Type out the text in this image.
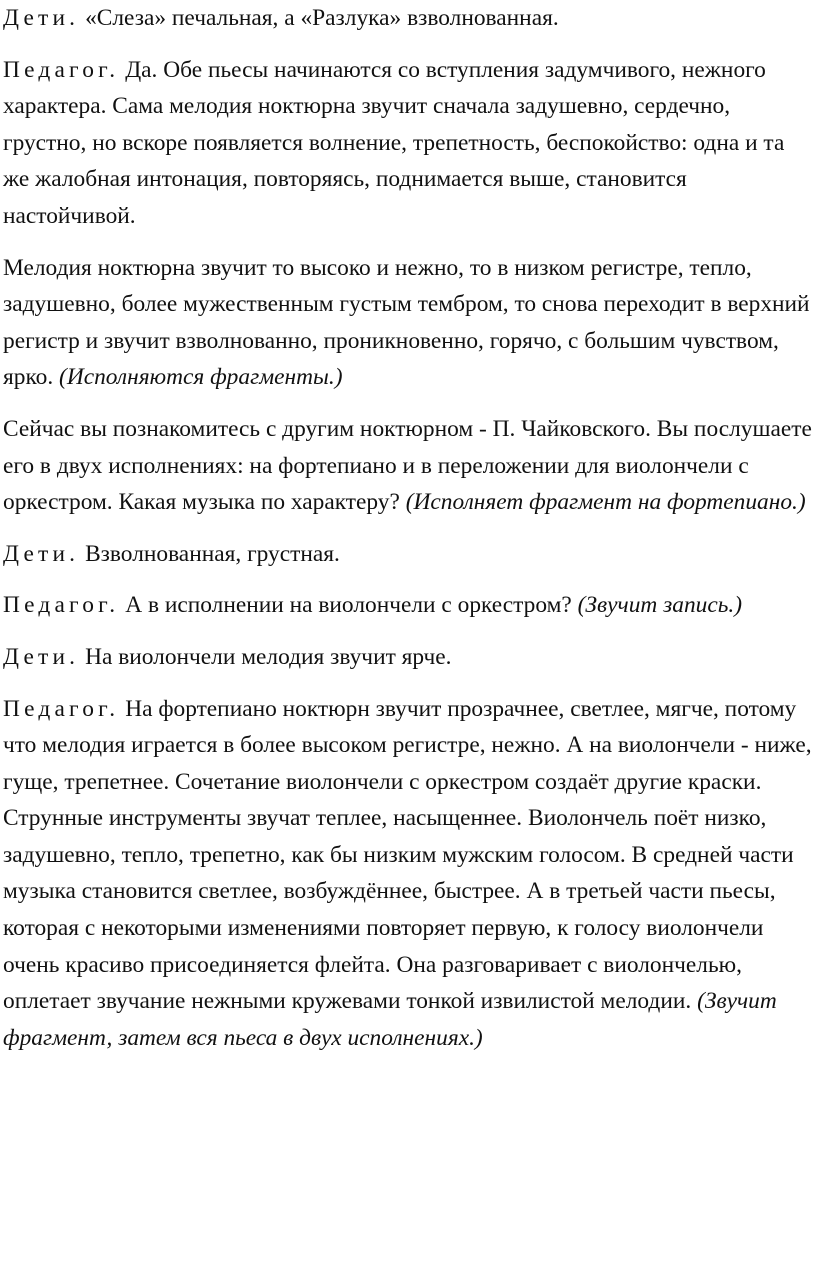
Дети. «Слеза» печальная, а «Разлука» взволнованная.

Педагог. Да. Обе пьесы начинаются со вступления задумчивого, нежного характера. Сама мелодия ноктюрна звучит сначала задушевно, сердечно, грустно, но вскоре появляется волнение, трепетность, беспокойство: одна и та же жалобная интонация, повторяясь, поднимается выше, становится настойчивой.

Мелодия ноктюрна звучит то высоко и нежно, то в низком регистре, тепло, задушевно, более мужественным густым тембром, то снова переходит в верхний регистр и звучит взволнованно, проникновенно, горячо, с большим чувством, ярко. (Исполняются фрагменты.)

Сейчас вы познакомитесь с другим ноктюрном - П. Чайковского. Вы послушаете его в двух исполнениях: на фортепиано и в переложении для виолончели с оркестром. Какая музыка по характеру? (Исполняет фрагмент на фортепиано.)

Дети. Взволнованная, грустная.

Педагог. А в исполнении на виолончели с оркестром? (Звучит запись.)

Дети. На виолончели мелодия звучит ярче.

Педагог. На фортепиано ноктюрн звучит прозрачнее, светлее, мягче, потому что мелодия играется в более высоком регистре, нежно. А на виолончели - ниже, гуще, трепетнее. Сочетание виолончели с оркестром создаёт другие краски. Струнные инструменты звучат теплее, насыщеннее. Виолончель поёт низко, задушевно, тепло, трепетно, как бы низким мужским голосом. В средней части музыка становится светлее, возбуждённее, быстрее. А в третьей части пьесы, которая с некоторыми изменениями повторяет первую, к голосу виолончели очень красиво присоединяется флейта. Она разговаривает с виолончелью, оплетает звучание нежными кружевами тонкой извилистой мелодии. (Звучит фрагмент, затем вся пьеса в двух исполнениях.)
